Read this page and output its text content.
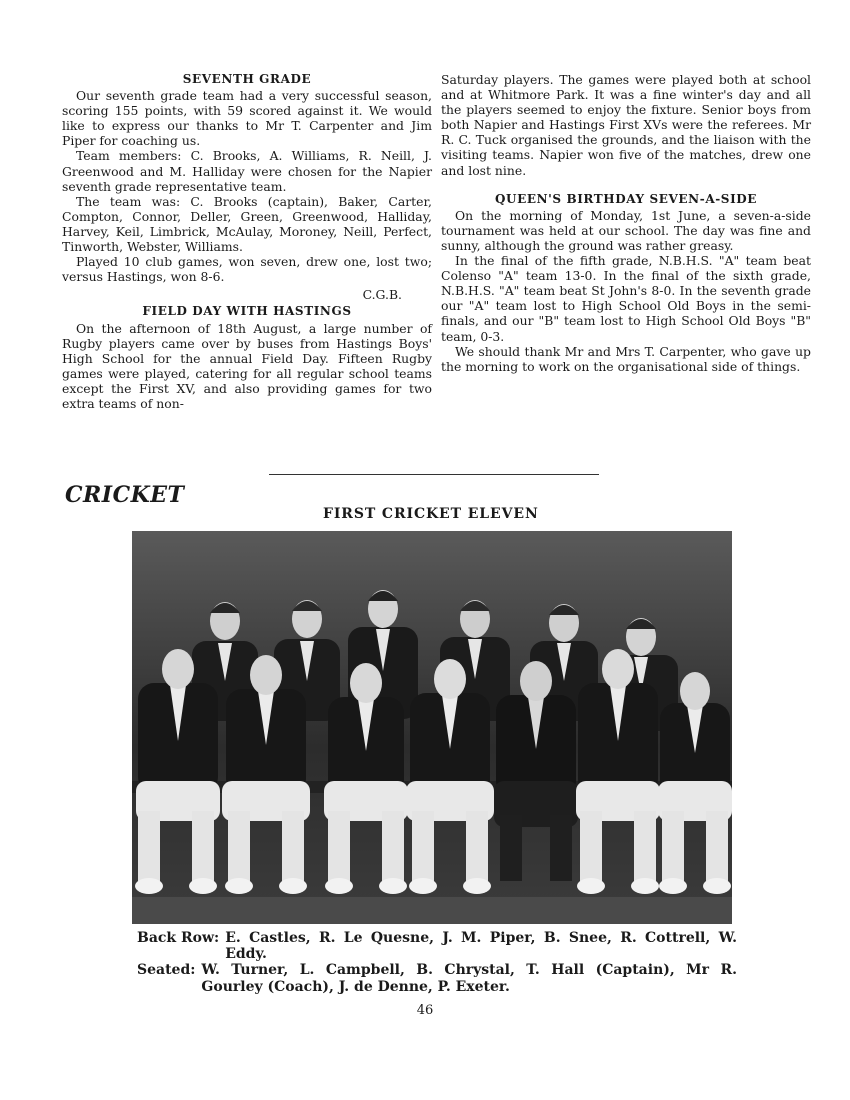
SEVENTH GRADE

Our seventh grade team had a very successful season, scoring 155 points, with 59 scored against it. We would like to express our thanks to Mr T. Carpenter and Jim Piper for coaching us.

Team members: C. Brooks, A. Williams, R. Neill, J. Greenwood and M. Halliday were chosen for the Napier seventh grade representative team.

The team was: C. Brooks (captain), Baker, Carter, Compton, Connor, Deller, Green, Greenwood, Halliday, Harvey, Keil, Limbrick, McAulay, Moroney, Neill, Perfect, Tinworth, Webster, Williams.

Played 10 club games, won seven, drew one, lost two; versus Hastings, won 8-6.

C.G.B.
FIELD DAY WITH HASTINGS

On the afternoon of 18th August, a large number of Rugby players came over by buses from Hastings Boys' High School for the annual Field Day. Fifteen Rugby games were played, catering for all regular school teams except the First XV, and also providing games for two extra teams of non-

Saturday players. The games were played both at school and at Whitmore Park. It was a fine winter's day and all the players seemed to enjoy the fixture. Senior boys from both Napier and Hastings First XVs were the referees. Mr R. C. Tuck organised the grounds, and the liaison with the visiting teams. Napier won five of the matches, drew one and lost nine.

QUEEN'S BIRTHDAY SEVEN-A-SIDE

On the morning of Monday, 1st June, a seven-a-side tournament was held at our school. The day was fine and sunny, although the ground was rather greasy.

In the final of the fifth grade, N.B.H.S. "A" team beat Colenso "A" team 13-0. In the final of the sixth grade, N.B.H.S. "A" team beat St John's 8-0. In the seventh grade our "A" team lost to High School Old Boys in the semi-finals, and our "B" team lost to High School Old Boys "B" team, 0-3.

We should thank Mr and Mrs T. Carpenter, who gave up the morning to work on the organisational side of things.

CRICKET
FIRST CRICKET ELEVEN
Back Row: E. Castles, R. Le Quesne, J. M. Piper, B. Snee, R. Cottrell, W. Eddy.
Seated: W. Turner, L. Campbell, B. Chrystal, T. Hall (Captain), Mr R. Gourley (Coach), J. de Denne, P. Exeter.
46
